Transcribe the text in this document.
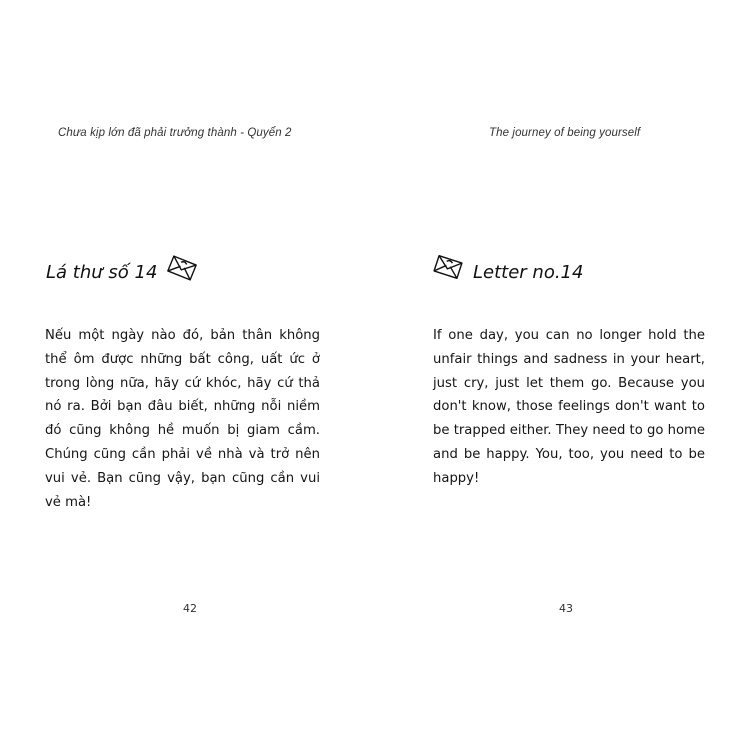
Chưa kịp lớn đã phải trưởng thành - Quyển 2
Lá thư số 14

Nếu một ngày nào đó, bản thân không thể ôm được những bất công, uất ức ở trong lòng nữa, hãy cứ khóc, hãy cứ thả nó ra. Bởi bạn đâu biết, những nỗi niềm đó cũng không hề muốn bị giam cầm. Chúng cũng cần phải về nhà và trở nên vui vẻ. Bạn cũng vậy, bạn cũng cần vui vẻ mà!

42
The journey of being yourself
Letter no.14

If one day, you can no longer hold the unfair things and sadness in your heart, just cry, just let them go. Because you don't know, those feelings don't want to be trapped either. They need to go home and be happy. You, too, you need to be happy!

43
